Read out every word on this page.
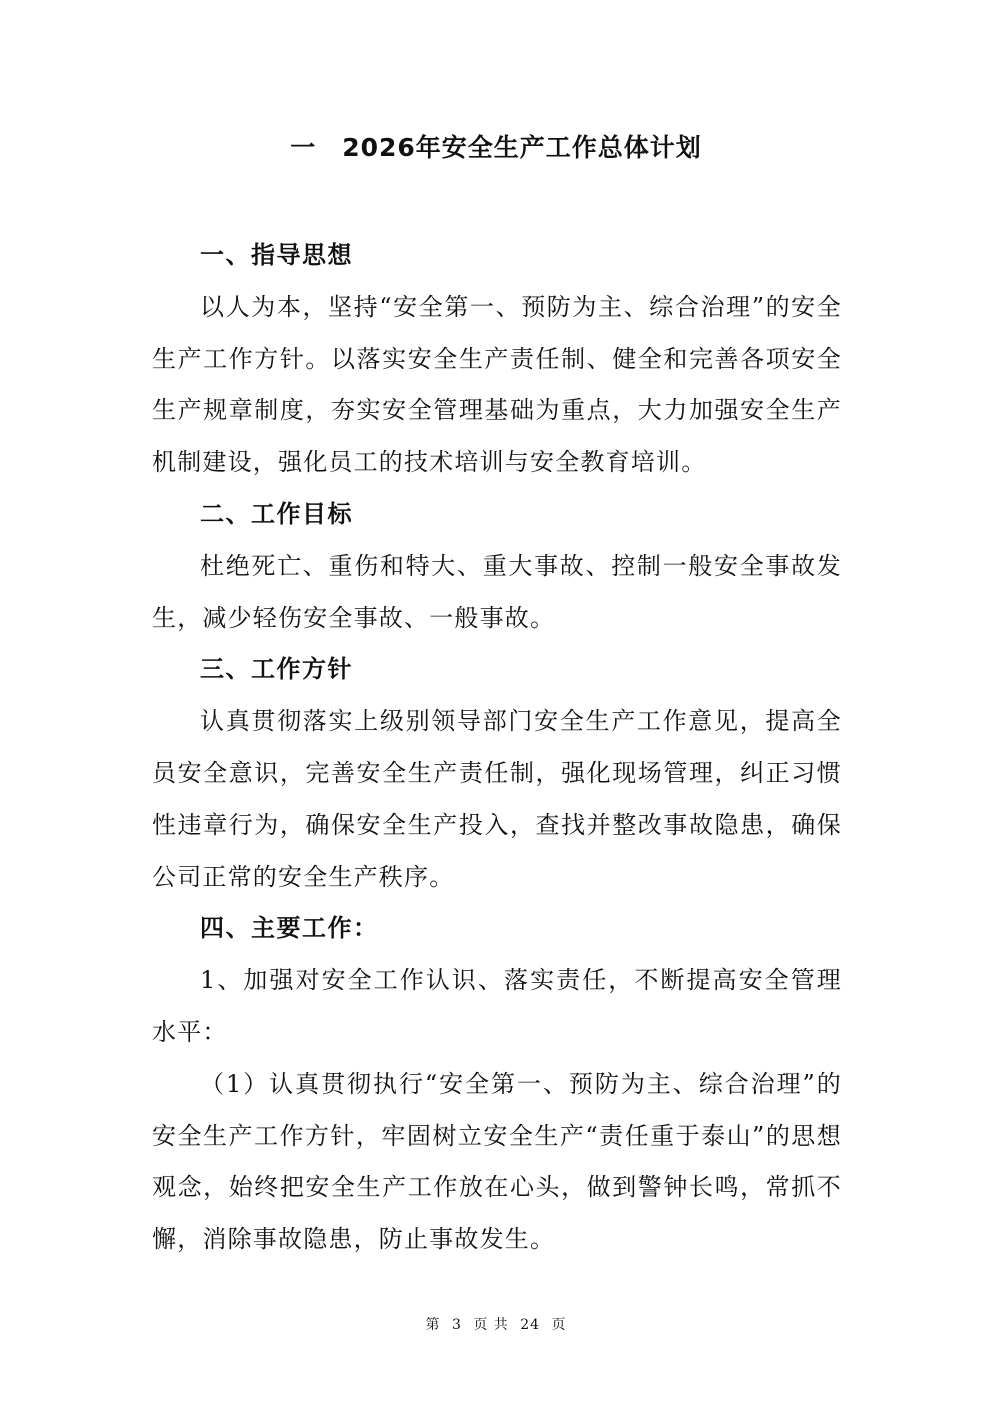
一 2026年安全生产工作总体计划

一、指导思想

以人为本，坚持“安全第一、预防为主、综合治理”的安全生产工作方针。以落实安全生产责任制、健全和完善各项安全生产规章制度，夯实安全管理基础为重点，大力加强安全生产机制建设，强化员工的技术培训与安全教育培训。

二、工作目标

杜绝死亡、重伤和特大、重大事故、控制一般安全事故发生，减少轻伤安全事故、一般事故。

三、工作方针

认真贯彻落实上级别领导部门安全生产工作意见，提高全员安全意识，完善安全生产责任制，强化现场管理，纠正习惯性违章行为，确保安全生产投入，查找并整改事故隐患，确保公司正常的安全生产秩序。

四、主要工作：

1、加强对安全工作认识、落实责任，不断提高安全管理水平：

（1）认真贯彻执行“安全第一、预防为主、综合治理”的安全生产工作方针，牢固树立安全生产“责任重于泰山”的思想观念，始终把安全生产工作放在心头，做到警钟长鸣，常抓不懈，消除事故隐患，防止事故发生。

第 3 页 共 24 页
